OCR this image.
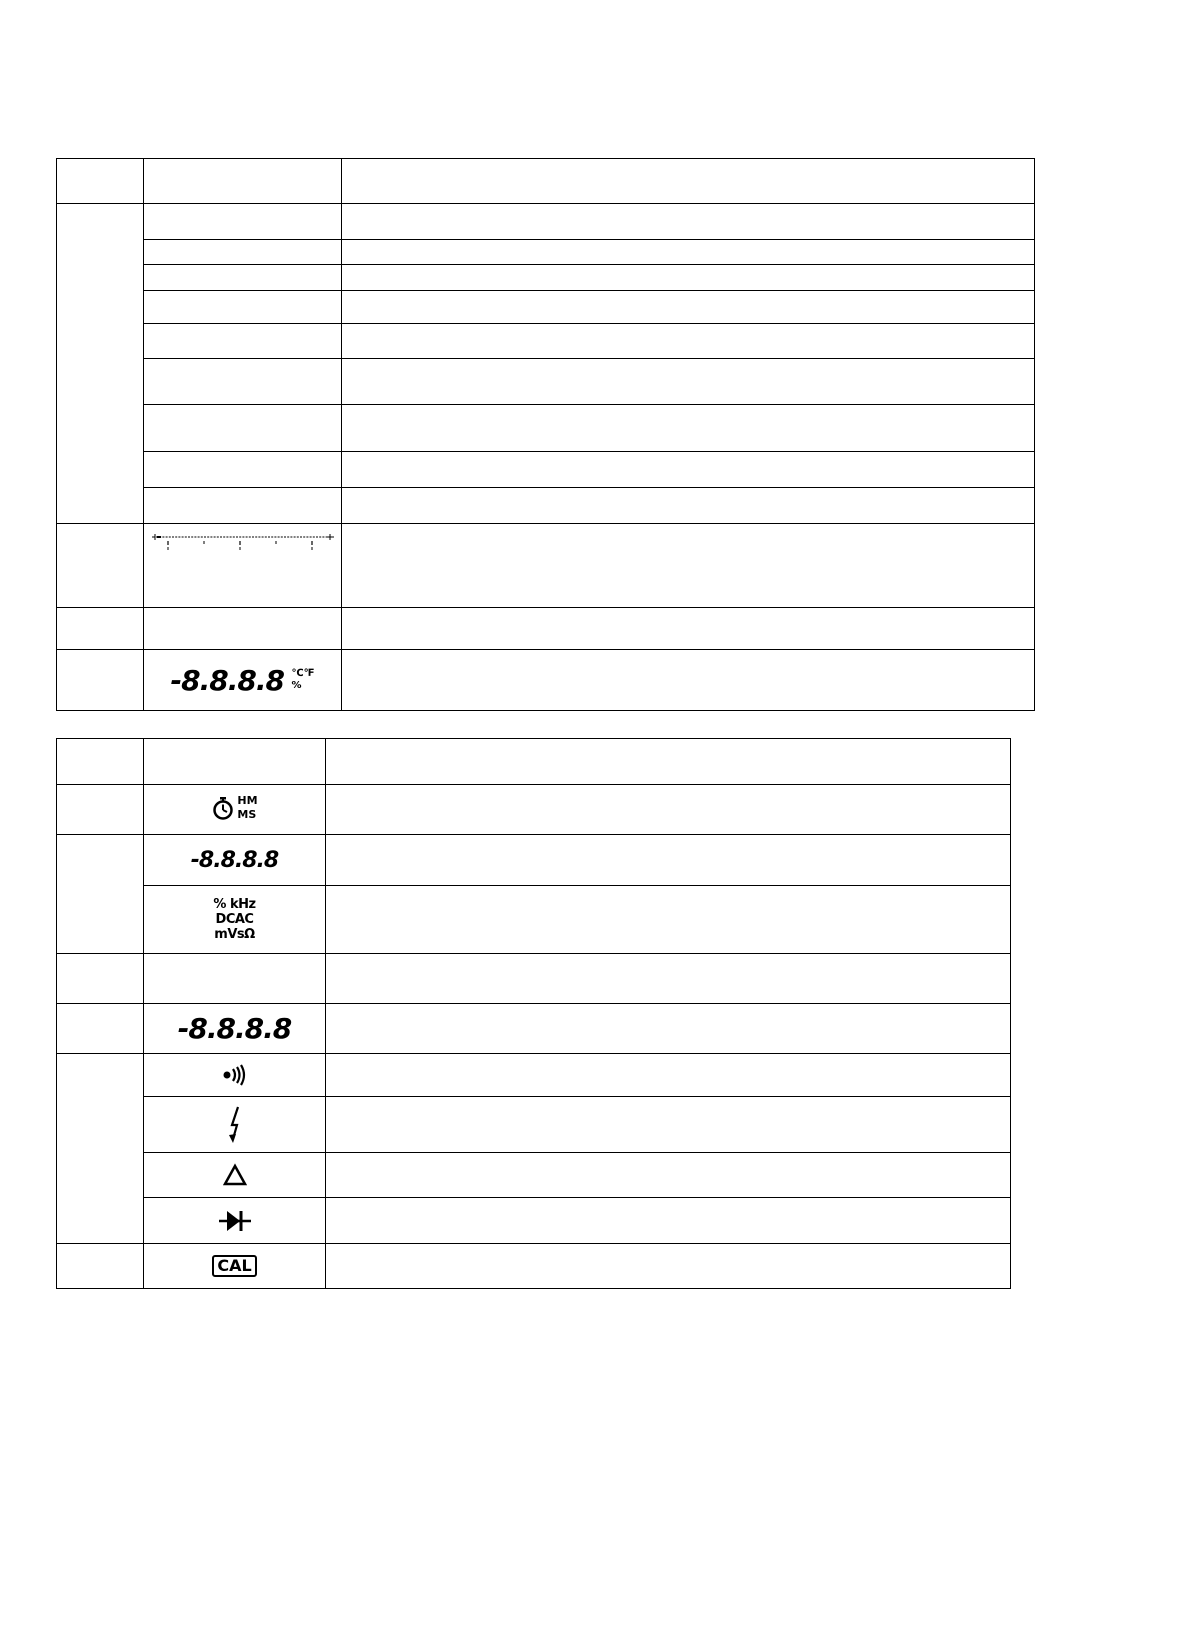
	-8.8.8.8 ℃℉
%	

	HM
MS	

	-8.8.8.8	

	% kHz
DCAC
mVsΩ	

	-8.8.8.8	

	CAL	
